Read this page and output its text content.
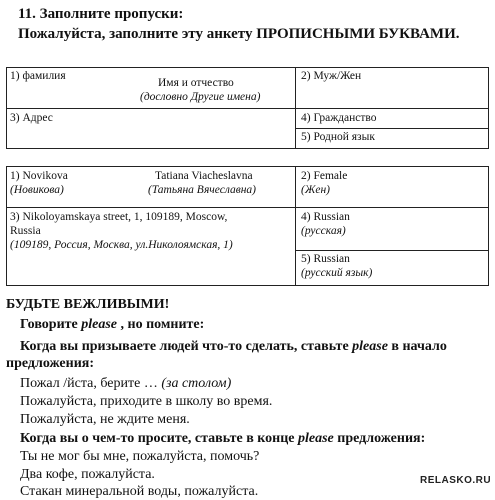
11. Заполните пропуски:
Пожалуйста, заполните эту анкету ПРОПИСНЫМИ БУКВАМИ.
1) фамилия
Имя и отчество
(дословно Другие имена)
2) Муж/Жен
3) Адрес	4) Гражданство
5) Родной язык
1) Novikova
(Новикова)
Tatiana Viacheslavna
(Татьяна Вячеславна)
2) Female
(Жен)
3) Nikoloyamskaya street, 1, 109189, Moscow,
Russia
(109189, Россия, Москва, ул.Николоямская, 1)
4) Russian
(русская)
5) Russian
(русский язык)
БУДЬТЕ ВЕЖЛИВЫМИ!
Говорите please , но помните:
Когда вы призываете людей что-то сделать, ставьте please в начало
предложения:
Пожал /йста, берите … (за столом)
Пожалуйста, приходите в школу во время.
Пожалуйста, не ждите меня.
Когда вы о чем-то просите, ставьте в конце please предложения:
Ты не мог бы мне, пожалуйста, помочь?
Два кофе, пожалуйста.
Стакан минеральной воды, пожалуйста.
RELASKO.RU
